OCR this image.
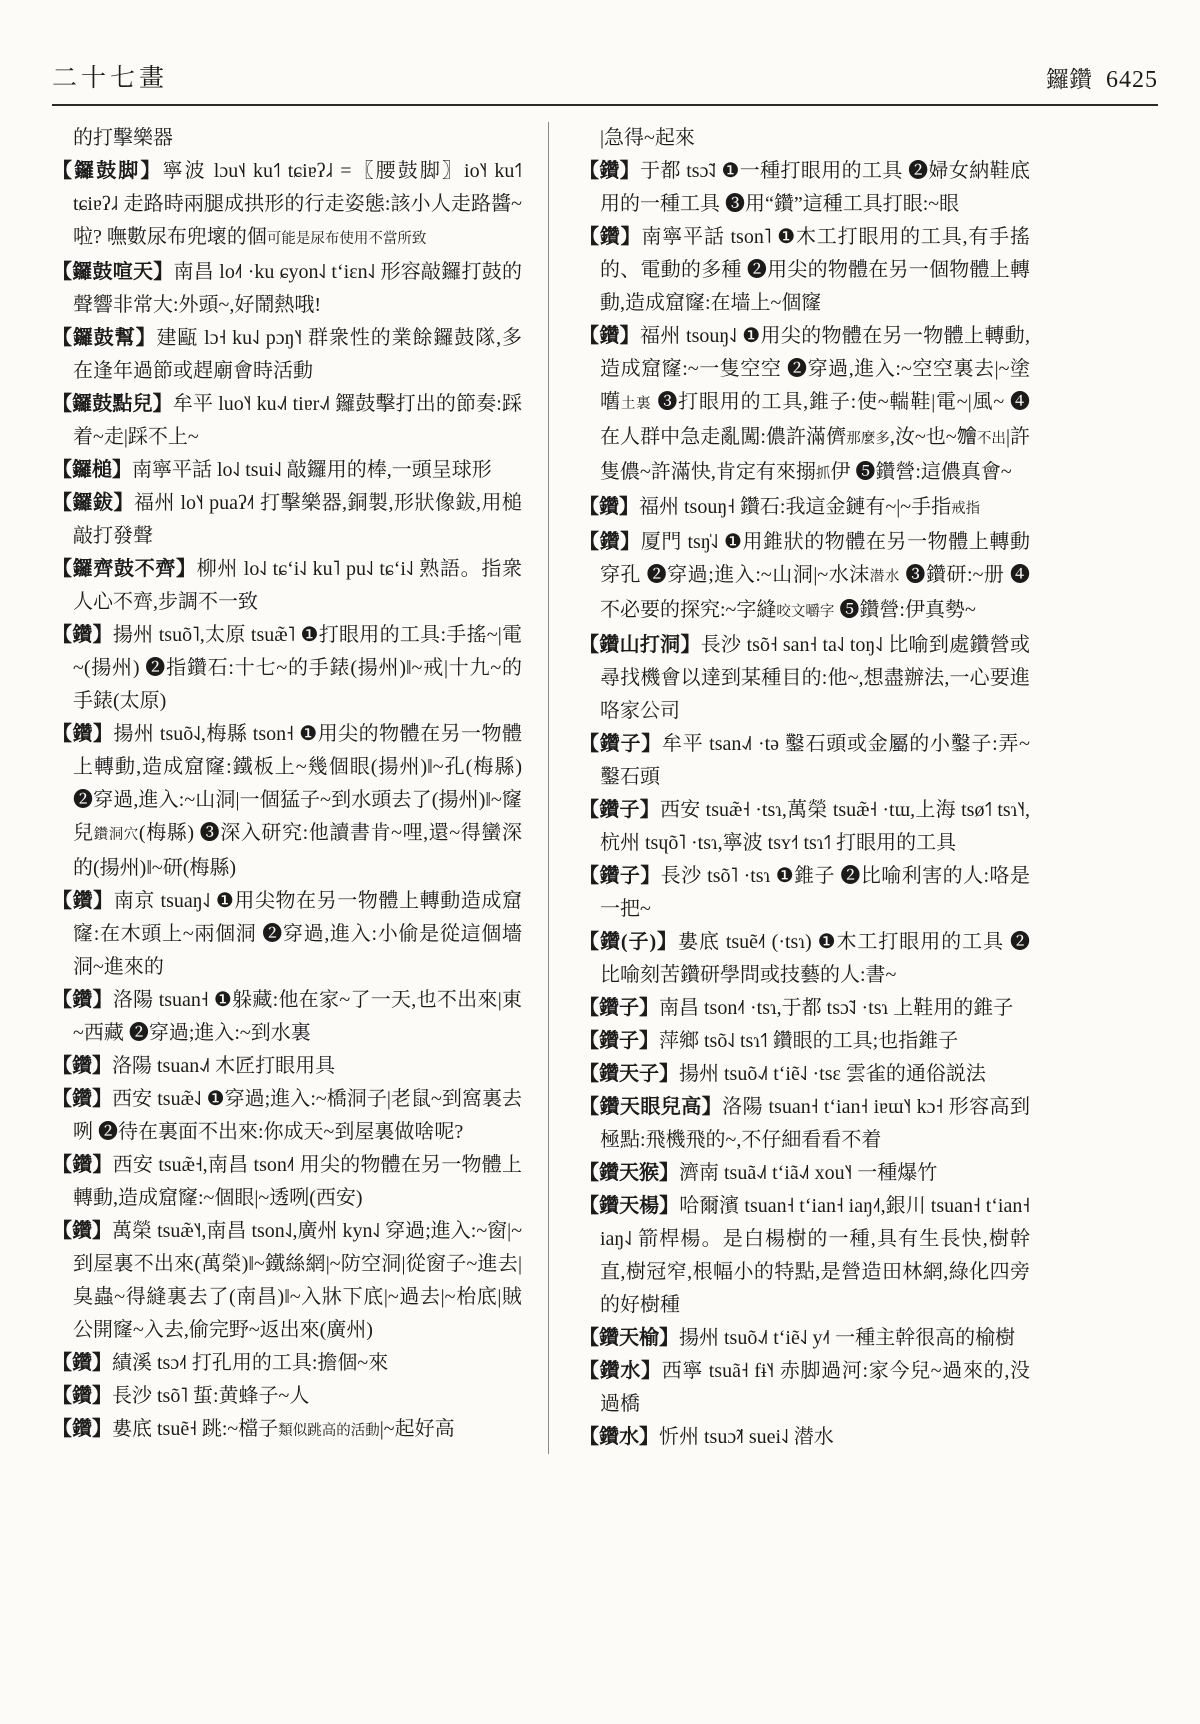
二十七畫	鑼鑽 6425

的打擊樂器

【鑼鼓脚】寧波 lɔu˦˨ ku˦˥ tɕiɐʔ˩˨ =〖腰鼓脚〗io˥˧ ku˦˥ tɕiɐʔ˩˨ 走路時兩腿成拱形的行走姿態:該小人走路醬~啦? 嘸數尿布兜壞的個可能是尿布使用不當所致

【鑼鼓喧天】南昌 lo˨˦ ·ku ɕyon˨˩ tʻiɛn˨˩ 形容敲鑼打鼓的聲響非常大:外頭~,好鬧熱哦!

【鑼鼓幫】建甌 lɔ˧ ku˨˩ pɔŋ˥˧ 群衆性的業餘鑼鼓隊,多在逢年過節或趕廟會時活動

【鑼鼓點兒】牟平 luo˥˧ ku˨˩˦ tiɐr˨˩˦ 鑼鼓擊打出的節奏:踩着~走|踩不上~

【鑼槌】南寧平話 lo˨˩ tsui˨˩ 敲鑼用的棒,一頭呈球形

【鑼鈸】福州 lo˥˧ puaʔ˨˦ 打擊樂器,銅製,形狀像鈸,用槌敲打發聲

【鑼齊鼓不齊】柳州 lo˨˩ tɕʻi˨˩ ku˥ pu˨˩ tɕʻi˨˩ 熟語。指衆人心不齊,步調不一致

【鑽】揚州 tsuõ˥,太原 tsuæ̃˥ ❶打眼用的工具:手搖~|電~(揚州) ❷指鑽石:十七~的手錶(揚州)‖~戒|十九~的手錶(太原)

【鑽】揚州 tsuõ˨˩,梅縣 tson˧ ❶用尖的物體在另一物體上轉動,造成窟窿:鐵板上~幾個眼(揚州)‖~孔(梅縣) ❷穿過,進入:~山洞|一個猛子~到水頭去了(揚州)‖~窿兒鑽洞穴(梅縣) ❸深入研究:他讀書肯~哩,還~得蠻深的(揚州)‖~研(梅縣)

【鑽】南京 tsuaŋ˨˩ ❶用尖物在另一物體上轉動造成窟窿:在木頭上~兩個洞 ❷穿過,進入:小偷是從這個墻洞~進來的

【鑽】洛陽 tsuan˧ ❶躲藏:他在家~了一天,也不出來|東~西藏 ❷穿過;進入:~到水裏

【鑽】洛陽 tsuan˨˩˦ 木匠打眼用具

【鑽】西安 tsuæ̃˨˩ ❶穿過;進入:~橋洞子|老鼠~到窩裏去咧 ❷待在裏面不出來:你成天~到屋裏做啥呢?

【鑽】西安 tsuæ̃˧,南昌 tson˨˦ 用尖的物體在另一物體上轉動,造成窟窿:~個眼|~透咧(西安)

【鑽】萬榮 tsuæ̃˥˧,南昌 tson˨˩,廣州 kyn˨˩ 穿過;進入:~窗|~到屋裏不出來(萬榮)‖~鐵絲網|~防空洞|從窗子~進去|臭蟲~得縫裏去了(南昌)‖~入牀下底|~過去|~枱底|賊公開窿~入去,偷完野~返出來(廣州)

【鑽】績溪 tsɔ˨˦ 打孔用的工具:擔個~來

【鑽】長沙 tsõ˥ 蜇:黄蜂子~人

【鑽】婁底 tsuẽ˧ 跳:~檔子類似跳高的活動|~起好高

|急得~起來

【鑽】于都 tsɔ̃˨˩ ❶一種打眼用的工具 ❷婦女納鞋底用的一種工具 ❸用“鑽”這種工具打眼:~眼

【鑽】南寧平話 tson˥ ❶木工打眼用的工具,有手搖的、電動的多種 ❷用尖的物體在另一個物體上轉動,造成窟窿:在墙上~個窿

【鑽】福州 tsouŋ˨˩ ❶用尖的物體在另一物體上轉動,造成窟窿:~一隻空空 ❷穿過,進入:~空空裏去|~塗嚿土裏 ❸打眼用的工具,錐子:使~輲鞋|電~|風~ ❹在人群中急走亂闖:儂許滿儕那麼多,汝~也~𣍐不出|許隻儂~許滿快,肯定有來搦抓伊 ❺鑽營:這儂真會~

【鑽】福州 tsouŋ˧ 鑽石:我這金鏈有~|~手指戒指

【鑽】厦門 tsŋ̍˨˩ ❶用錐狀的物體在另一物體上轉動穿孔 ❷穿過;進入:~山洞|~水沫潜水 ❸鑽研:~册 ❹不必要的探究:~字縫咬文嚼字 ❺鑽營:伊真勢~

【鑽山打洞】長沙 tsõ˧ san˧ ta˨˩ toŋ˨˩ 比喻到處鑽營或尋找機會以達到某種目的:他~,想盡辦法,一心要進咯家公司

【鑽子】牟平 tsan˨˩˦ ·tə 鑿石頭或金屬的小鑿子:弄~鑿石頭

【鑽子】西安 tsuæ̃˧ ·tsɿ,萬榮 tsuæ̃˧ ·tɯ,上海 tsø˦˥ tsɿ˥˧,杭州 tsɥõ˥ ·tsɿ,寧波 tsʏ˧˦ tsɿ˦˥ 打眼用的工具

【鑽子】長沙 tsõ˥ ·tsɿ ❶錐子 ❷比喻利害的人:咯是一把~

【鑽(子)】婁底 tsuẽ˨˦ (·tsɿ) ❶木工打眼用的工具 ❷比喻刻苦鑽研學問或技藝的人:書~

【鑽子】南昌 tson˨˦ ·tsɿ,于都 tsɔ̃˨˩ ·tsɿ 上鞋用的錐子

【鑽子】萍鄉 tsõ˨˩ tsɿ˦˥ 鑽眼的工具;也指錐子

【鑽天子】揚州 tsuõ˨˩˦ tʻiẽ˨˩ ·tsɛ 雲雀的通俗説法

【鑽天眼兒高】洛陽 tsuan˧ tʻian˧ iɐɯ˥˧ kɔ˧ 形容高到極點:飛機飛的~,不仔細看看不着

【鑽天猴】濟南 tsuã˨˩˦ tʻiã˨˩˦ xou˥˧ 一種爆竹

【鑽天楊】哈爾濱 tsuan˧ tʻian˧ iaŋ˨˦,銀川 tsuan˧ tʻian˧ iaŋ˨˩ 箭桿楊。是白楊樹的一種,具有生長快,樹幹直,樹冠窄,根幅小的特點,是營造田林網,綠化四旁的好樹種

【鑽天榆】揚州 tsuõ˨˩˦ tʻiẽ˨˩ y˨˦ 一種主幹很高的榆樹

【鑽水】西寧 tsuã˧ fɨ˥˧ 赤脚過河:家今兒~過來的,没過橋

【鑽水】忻州 tsuɔ̃˨˦ suei˨˩ 潜水
